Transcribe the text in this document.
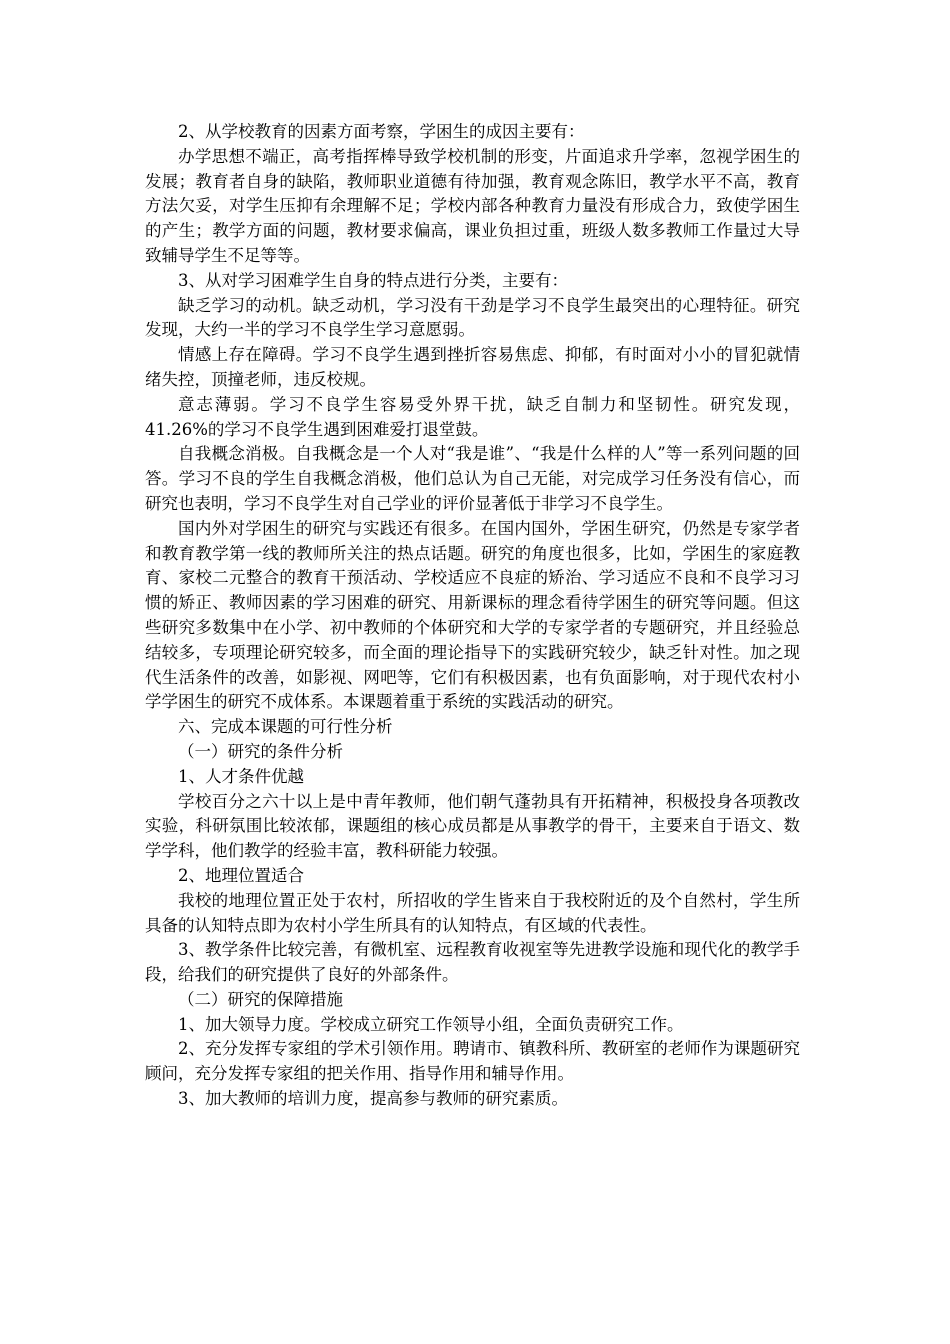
2、从学校教育的因素方面考察，学困生的成因主要有：

办学思想不端正，高考指挥棒导致学校机制的形变，片面追求升学率，忽视学困生的发展；教育者自身的缺陷，教师职业道德有待加强，教育观念陈旧，教学水平不高，教育方法欠妥，对学生压抑有余理解不足；学校内部各种教育力量没有形成合力，致使学困生的产生；教学方面的问题，教材要求偏高，课业负担过重，班级人数多教师工作量过大导致辅导学生不足等等。

3、从对学习困难学生自身的特点进行分类，主要有：

缺乏学习的动机。缺乏动机，学习没有干劲是学习不良学生最突出的心理特征。研究发现，大约一半的学习不良学生学习意愿弱。

情感上存在障碍。学习不良学生遇到挫折容易焦虑、抑郁，有时面对小小的冒犯就情绪失控，顶撞老师，违反校规。

意志薄弱。学习不良学生容易受外界干扰，缺乏自制力和坚韧性。研究发现，41.26%的学习不良学生遇到困难爱打退堂鼓。

自我概念消极。自我概念是一个人对“我是谁”、“我是什么样的人”等一系列问题的回答。学习不良的学生自我概念消极，他们总认为自己无能，对完成学习任务没有信心，而研究也表明，学习不良学生对自己学业的评价显著低于非学习不良学生。

国内外对学困生的研究与实践还有很多。在国内国外，学困生研究，仍然是专家学者和教育教学第一线的教师所关注的热点话题。研究的角度也很多，比如，学困生的家庭教育、家校二元整合的教育干预活动、学校适应不良症的矫治、学习适应不良和不良学习习惯的矫正、教师因素的学习困难的研究、用新课标的理念看待学困生的研究等问题。但这些研究多数集中在小学、初中教师的个体研究和大学的专家学者的专题研究，并且经验总结较多，专项理论研究较多，而全面的理论指导下的实践研究较少，缺乏针对性。加之现代生活条件的改善，如影视、网吧等，它们有积极因素，也有负面影响，对于现代农村小学学困生的研究不成体系。本课题着重于系统的实践活动的研究。

六、完成本课题的可行性分析

（一）研究的条件分析

1、人才条件优越

学校百分之六十以上是中青年教师，他们朝气蓬勃具有开拓精神，积极投身各项教改实验，科研氛围比较浓郁，课题组的核心成员都是从事教学的骨干，主要来自于语文、数学学科，他们教学的经验丰富，教科研能力较强。

2、地理位置适合

我校的地理位置正处于农村，所招收的学生皆来自于我校附近的及个自然村，学生所具备的认知特点即为农村小学生所具有的认知特点，有区域的代表性。

3、教学条件比较完善，有微机室、远程教育收视室等先进教学设施和现代化的教学手段，给我们的研究提供了良好的外部条件。

（二）研究的保障措施

1、加大领导力度。学校成立研究工作领导小组，全面负责研究工作。

2、充分发挥专家组的学术引领作用。聘请市、镇教科所、教研室的老师作为课题研究顾问，充分发挥专家组的把关作用、指导作用和辅导作用。

3、加大教师的培训力度，提高参与教师的研究素质。
